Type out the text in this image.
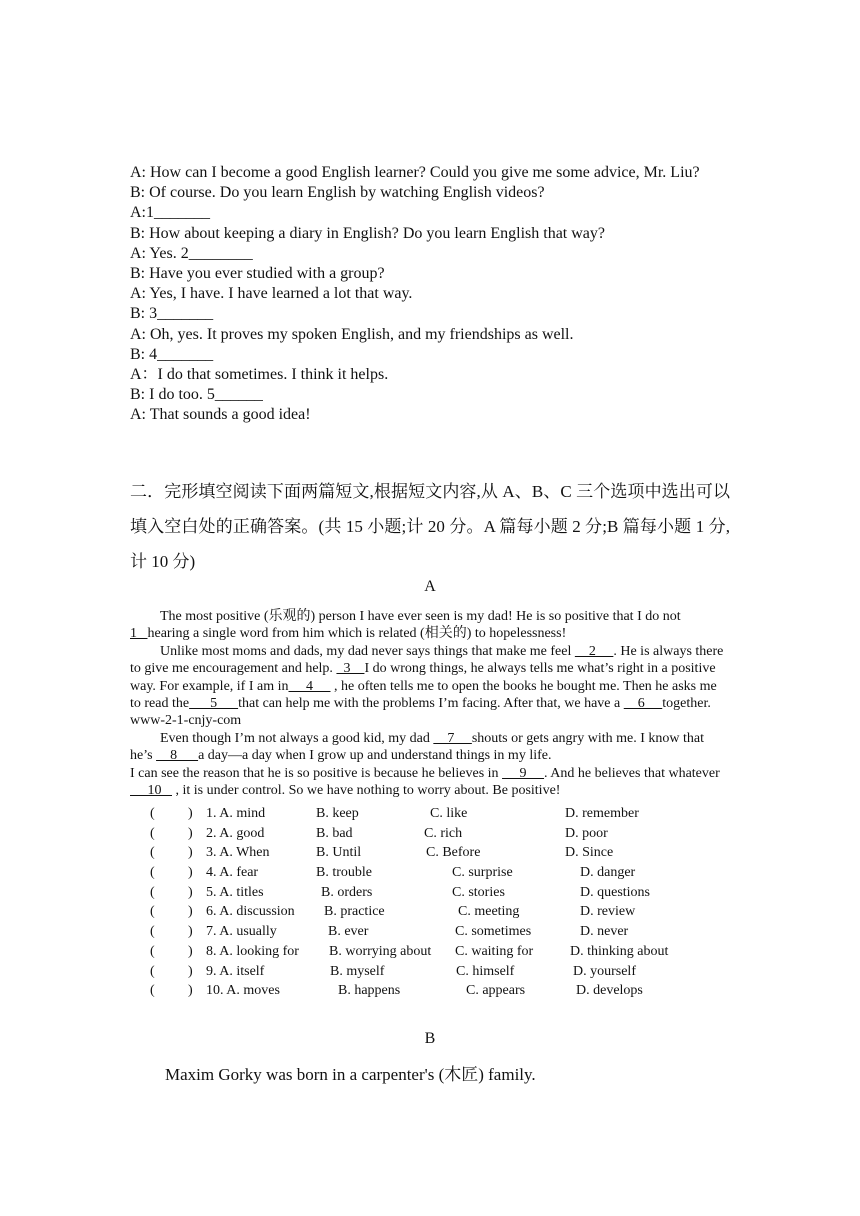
A: How can I become a good English learner? Could you give me some advice, Mr. Liu?

B: Of course. Do you learn English by watching English videos?

A:1_______

B: How about keeping a diary in English? Do you learn English that way?

A: Yes. 2________

B: Have you ever studied with a group?

A: Yes, I have. I have learned a lot that way.

B: 3_______

A: Oh, yes. It proves my spoken English, and my friendships as well.

B: 4_______

A：I do that sometimes. I think it helps.

B: I do too. 5______

A: That sounds a good idea!

二．完形填空阅读下面两篇短文,根据短文内容,从 A、B、C 三个选项中选出可以填入空白处的正确答案。(共 15 小题;计 20 分。A 篇每小题 2 分;B 篇每小题 1 分,计 10 分)

A

The most positive (乐观的) person I have ever seen is my dad! He is so positive that I do not 1   hearing a single word from him which is related (相关的) to hopelessness!

Unlike most moms and dads, my dad never says things that make me feel     2     . He is always there to give me encouragement and help.   3    I do wrong things, he always tells me what’s right in a positive way. For example, if I am in     4      , he often tells me to open the books he bought me. Then he asks me to read the      5      that can help me with the problems I’m facing. After that, we have a     6     together. www-2-1-cnjy-com

Even though I’m not always a good kid, my dad     7     shouts or gets angry with me. I know that he’s     8      a day—a day when I grow up and understand things in my life.

I can see the reason that he is so positive is because he believes in      9     . And he believes that whatever     10    , it is under control. So we have nothing to worry about. Be positive!

( ) 1. A. mind	B. keep	C. like	D. remember
( ) 2. A. good	B. bad	C. rich	D. poor
( ) 3. A. When	B. Until	C. Before	D. Since
( ) 4. A. fear	B. trouble	C. surprise	D. danger
( ) 5. A. titles	B. orders	C. stories	D. questions
( ) 6. A. discussion B. practice	C. meeting	D. review
( ) 7. A. usually	B. ever	C. sometimes	D. never
( ) 8. A. looking for B. worrying about C. waiting for	D. thinking about
( ) 9. A. itself	B. myself	C. himself	D. yourself
( ) 10. A. moves	B. happens	C. appears	D. develops
B

Maxim Gorky was born in a carpenter's (木匠) family.
